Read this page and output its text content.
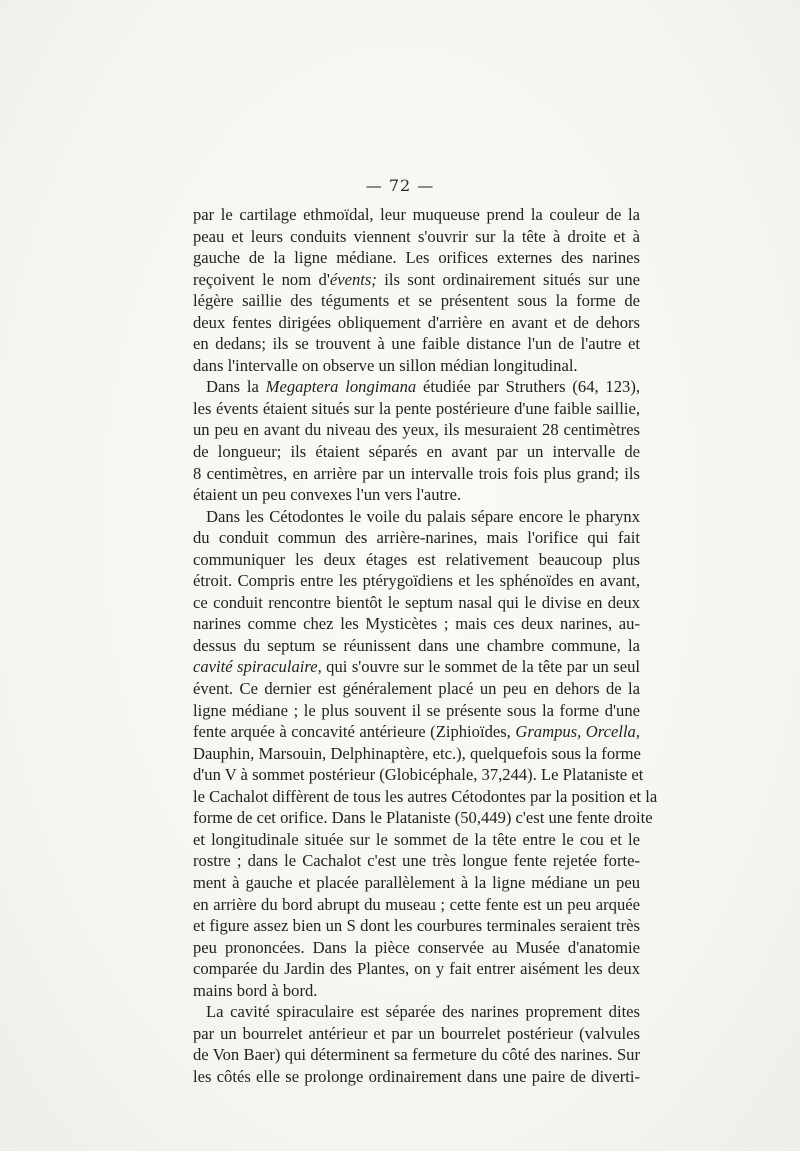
— 72 —

par le cartilage ethmoïdal, leur muqueuse prend la couleur de la
peau et leurs conduits viennent s'ouvrir sur la tête à droite et à
gauche de la ligne médiane. Les orifices externes des narines
reçoivent le nom d'évents; ils sont ordinairement situés sur une
légère saillie des téguments et se présentent sous la forme de
deux fentes dirigées obliquement d'arrière en avant et de dehors
en dedans; ils se trouvent à une faible distance l'un de l'autre et
dans l'intervalle on observe un sillon médian longitudinal.

Dans la Megaptera longimana étudiée par Struthers (64, 123),
les évents étaient situés sur la pente postérieure d'une faible saillie,
un peu en avant du niveau des yeux, ils mesuraient 28 centimètres
de longueur; ils étaient séparés en avant par un intervalle de
8 centimètres, en arrière par un intervalle trois fois plus grand; ils
étaient un peu convexes l'un vers l'autre.

Dans les Cétodontes le voile du palais sépare encore le pharynx
du conduit commun des arrière-narines, mais l'orifice qui fait
communiquer les deux étages est relativement beaucoup plus
étroit. Compris entre les ptérygoïdiens et les sphénoïdes en avant,
ce conduit rencontre bientôt le septum nasal qui le divise en deux
narines comme chez les Mysticètes ; mais ces deux narines, au-
dessus du septum se réunissent dans une chambre commune, la
cavité spiraculaire, qui s'ouvre sur le sommet de la tête par un seul
évent. Ce dernier est généralement placé un peu en dehors de la
ligne médiane ; le plus souvent il se présente sous la forme d'une
fente arquée à concavité antérieure (Ziphioïdes, Grampus, Orcella,
Dauphin, Marsouin, Delphinaptère, etc.), quelquefois sous la forme
d'un V à sommet postérieur (Globicéphale, 37,244). Le Plataniste et
le Cachalot diffèrent de tous les autres Cétodontes par la position et la
forme de cet orifice. Dans le Plataniste (50,449) c'est une fente droite
et longitudinale située sur le sommet de la tête entre le cou et le
rostre ; dans le Cachalot c'est une très longue fente rejetée forte-
ment à gauche et placée parallèlement à la ligne médiane un peu
en arrière du bord abrupt du museau ; cette fente est un peu arquée
et figure assez bien un S dont les courbures terminales seraient très
peu prononcées. Dans la pièce conservée au Musée d'anatomie
comparée du Jardin des Plantes, on y fait entrer aisément les deux
mains bord à bord.

La cavité spiraculaire est séparée des narines proprement dites
par un bourrelet antérieur et par un bourrelet postérieur (valvules
de Von Baer) qui déterminent sa fermeture du côté des narines. Sur
les côtés elle se prolonge ordinairement dans une paire de diverti-
